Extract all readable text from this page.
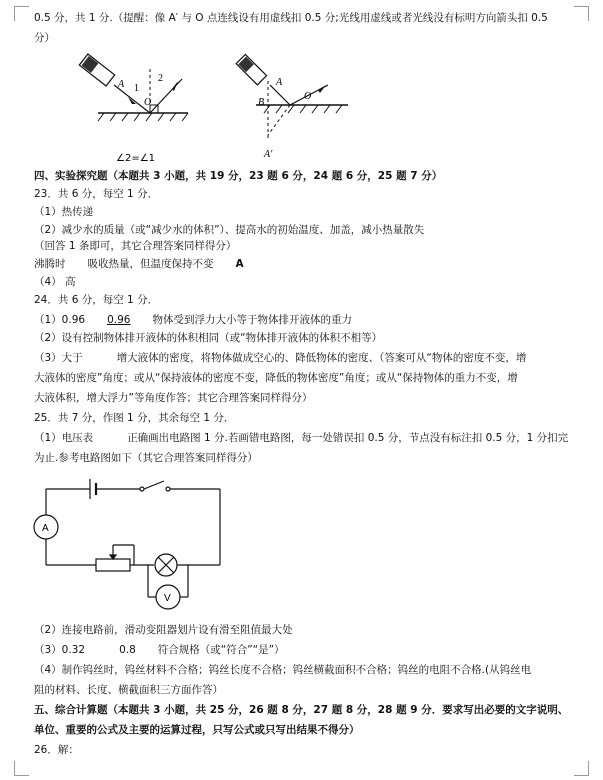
0.5 分，共 1 分.（提醒：像 A′ 与 O 点连线设有用虚线扣 0.5 分;光线用虚线或者光线没有标明方向箭头扣 0.5
分）
A 1
2
O
∠2=∠1
A
B
O
A′
四、实验探究题（本题共 3 小题，共 19 分，23 题 6 分，24 题 6 分，25 题 7 分）
23．共 6 分，每空 1 分．
（1）热传递
（2）减少水的质量（或“减少水的体积”）、提高水的初始温度、加盖，减小热量散失
（回答 1 条即可，其它合理答案同样得分）
沸腾时 吸收热量，但温度保持不变 A
（4） 高
24．共 6 分，每空 1 分．
（1）0.96 0.96 物体受到浮力大小等于物体排开液体的重力
（2）设有控制物体排开液体的体积相同（或“物体排开液体的体积不相等）
（3）大于	增大液体的密度，将物体做成空心的、降低物体的密度、（答案可从“物体的密度不变，增
大液体的密度”角度；或从“保持液体的密度不变，降低的物体密度”角度；或从“保持物体的重力不变，增
大液体积，增大浮力”等角度作答；其它合理答案同样得分）
25．共 7 分，作图 1 分，其余每空 1 分．
（1）电压表	正确画出电路图 1 分.若画错电路图，每一处错误扣 0.5 分，节点没有标注扣 0.5 分，1 分扣完
为止.参考电路图如下（其它合理答案同样得分）
A
V
（2）连接电路前，滑动变阻器划片设有滑至阻值最大处
（3）0.32	0.8 符合规格（或“符合”“是”）
（4）制作钨丝时，钨丝材料不合格；钨丝长度不合格；钨丝横截面积不合格；钨丝的电阻不合格.(从钨丝电
阻的材料、长度、横截面积三方面作答）
五、综合计算题（本题共 3 小题，共 25 分，26 题 8 分，27 题 8 分，28 题 9 分．要求写出必要的文字说明、
单位、重要的公式及主要的运算过程，只写公式或只写出结果不得分）
26．解：
